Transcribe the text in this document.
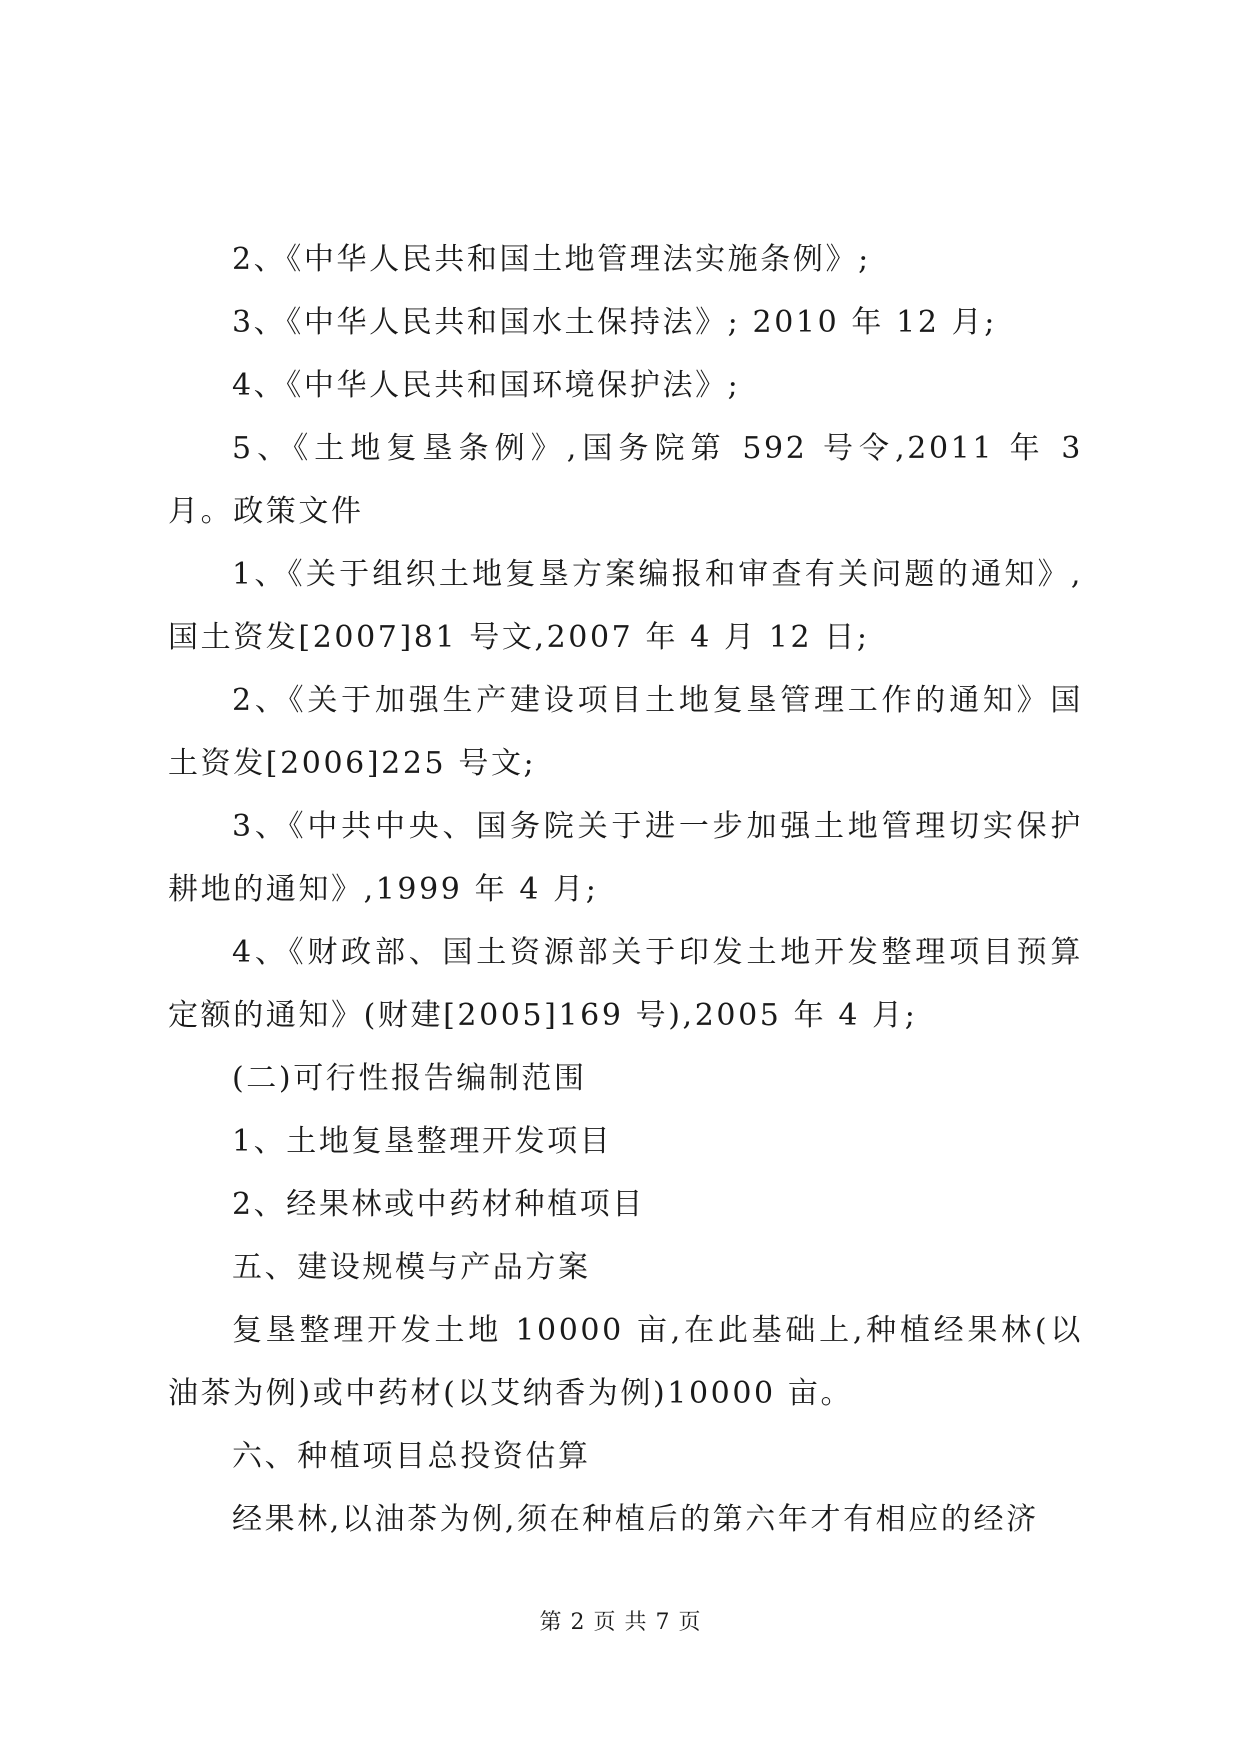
2、《中华人民共和国土地管理法实施条例》;

3、《中华人民共和国水土保持法》; 2010 年 12 月;

4、《中华人民共和国环境保护法》;

5、《土地复垦条例》,国务院第 592 号令,2011 年 3 月。政策文件

1、《关于组织土地复垦方案编报和审查有关问题的通知》,国土资发[2007]81 号文,2007 年 4 月 12 日;

2、《关于加强生产建设项目土地复垦管理工作的通知》国土资发[2006]225 号文;

3、《中共中央、国务院关于进一步加强土地管理切实保护耕地的通知》,1999 年 4 月;

4、《财政部、国土资源部关于印发土地开发整理项目预算定额的通知》(财建[2005]169 号),2005 年 4 月;

(二)可行性报告编制范围

1、土地复垦整理开发项目

2、经果林或中药材种植项目

五、建设规模与产品方案

复垦整理开发土地 10000 亩,在此基础上,种植经果林(以油茶为例)或中药材(以艾纳香为例)10000 亩。

六、种植项目总投资估算

经果林,以油茶为例,须在种植后的第六年才有相应的经济

第 2 页 共 7 页
